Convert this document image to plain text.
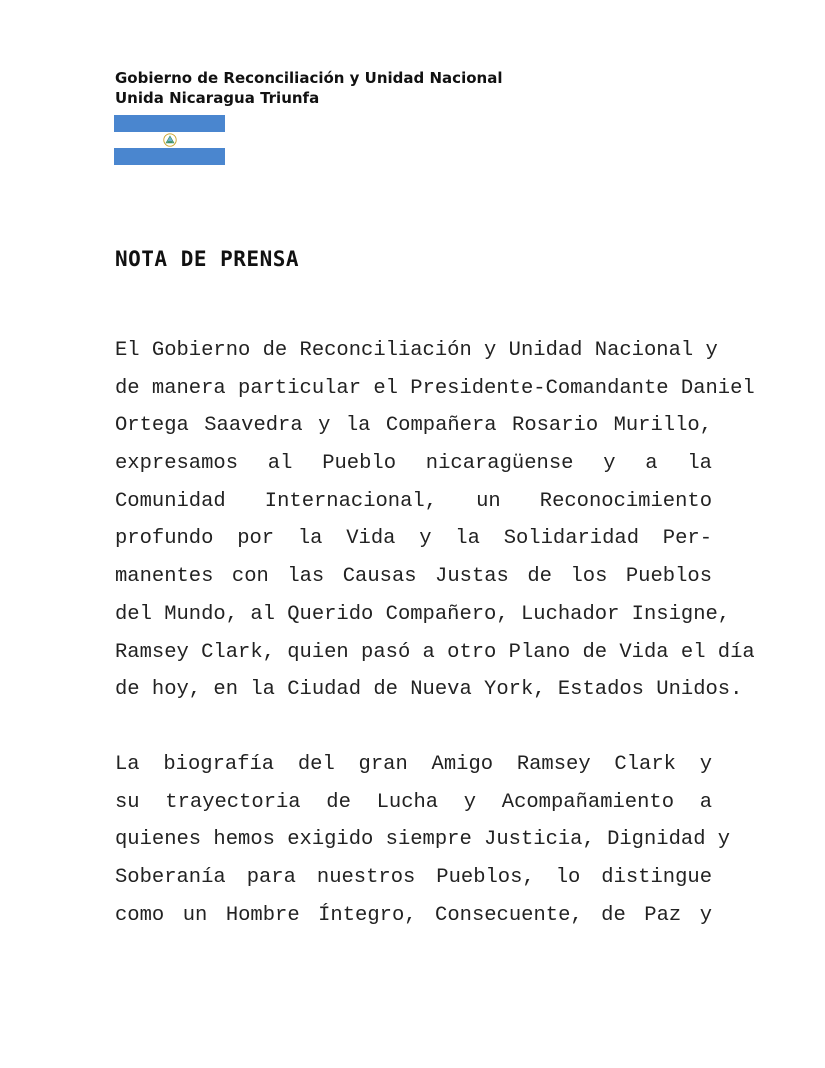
Gobierno de Reconciliación y Unidad Nacional
Unida Nicaragua Triunfa
NOTA DE PRENSA
El Gobierno de Reconciliación y Unidad Nacional y
de manera particular el Presidente-Comandante Daniel
Ortega Saavedra y la Compañera Rosario Murillo,
expresamos al Pueblo nicaragüense y a la
Comunidad Internacional, un Reconocimiento
profundo por la Vida y la Solidaridad Per-
manentes con las Causas Justas de los Pueblos
del Mundo, al Querido Compañero, Luchador Insigne,
Ramsey Clark, quien pasó a otro Plano de Vida el día
de hoy, en la Ciudad de Nueva York, Estados Unidos.
La biografía del gran Amigo Ramsey Clark y
su trayectoria de Lucha y Acompañamiento a
quienes hemos exigido siempre Justicia, Dignidad y
Soberanía para nuestros Pueblos, lo distingue
como un Hombre Íntegro, Consecuente, de Paz y
